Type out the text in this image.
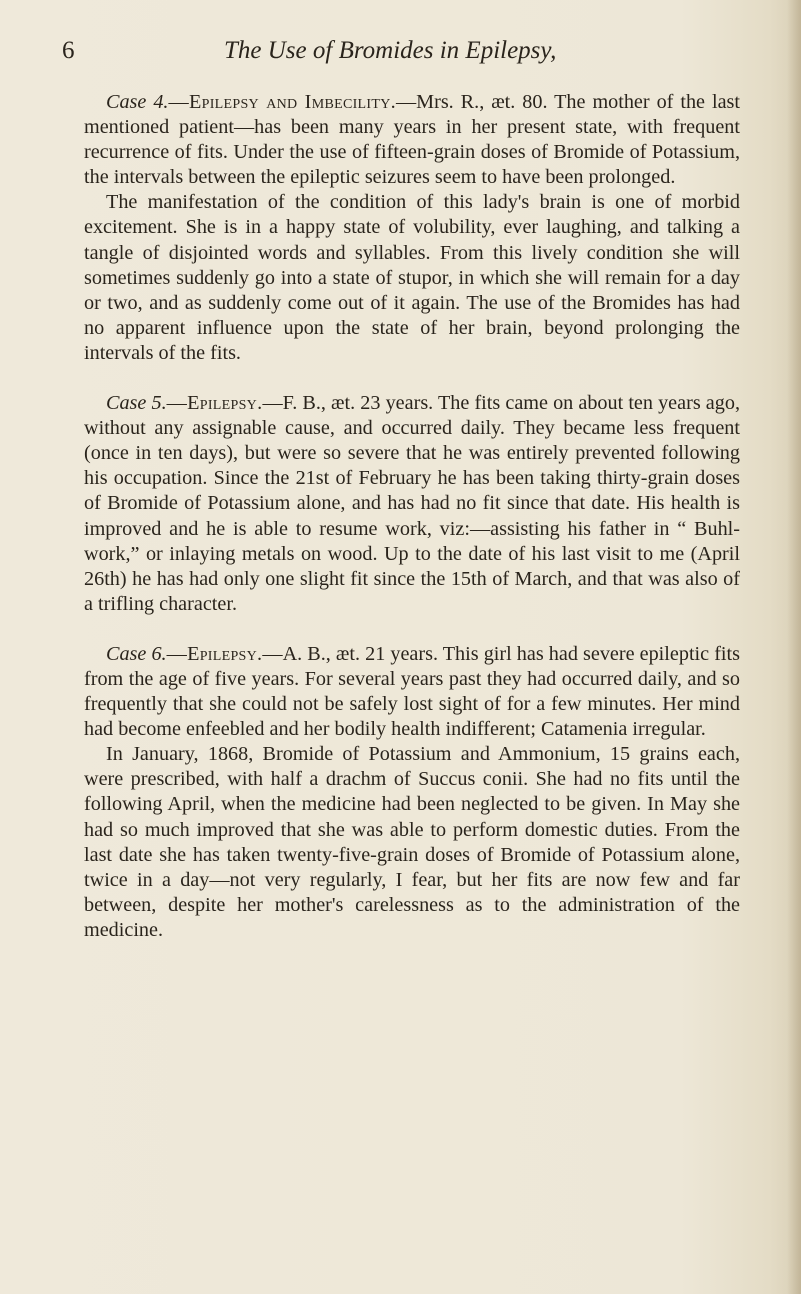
6	The Use of Bromides in Epilepsy,

Case 4.—Epilepsy and Imbecility.—Mrs. R., æt. 80. The mother of the last mentioned patient—has been many years in her present state, with frequent recurrence of fits. Under the use of fifteen-grain doses of Bromide of Potassium, the intervals between the epileptic seizures seem to have been prolonged.

The manifestation of the condition of this lady's brain is one of morbid excitement. She is in a happy state of volubility, ever laughing, and talking a tangle of disjointed words and syllables. From this lively condition she will sometimes suddenly go into a state of stupor, in which she will remain for a day or two, and as suddenly come out of it again. The use of the Bromides has had no apparent influence upon the state of her brain, beyond prolonging the intervals of the fits.

Case 5.—Epilepsy.—F. B., æt. 23 years. The fits came on about ten years ago, without any assignable cause, and occurred daily. They became less frequent (once in ten days), but were so severe that he was entirely prevented following his occupation. Since the 21st of February he has been taking thirty-grain doses of Bromide of Potassium alone, and has had no fit since that date. His health is improved and he is able to resume work, viz:—assisting his father in “ Buhl-work,” or inlaying metals on wood. Up to the date of his last visit to me (April 26th) he has had only one slight fit since the 15th of March, and that was also of a trifling character.

Case 6.—Epilepsy.—A. B., æt. 21 years. This girl has had severe epileptic fits from the age of five years. For several years past they had occurred daily, and so frequently that she could not be safely lost sight of for a few minutes. Her mind had become enfeebled and her bodily health indifferent; Catamenia irregular.

In January, 1868, Bromide of Potassium and Ammonium, 15 grains each, were prescribed, with half a drachm of Succus conii. She had no fits until the following April, when the medicine had been neglected to be given. In May she had so much improved that she was able to perform domestic duties. From the last date she has taken twenty-five-grain doses of Bromide of Potassium alone, twice in a day—not very regularly, I fear, but her fits are now few and far between, despite her mother's carelessness as to the administration of the medicine.
